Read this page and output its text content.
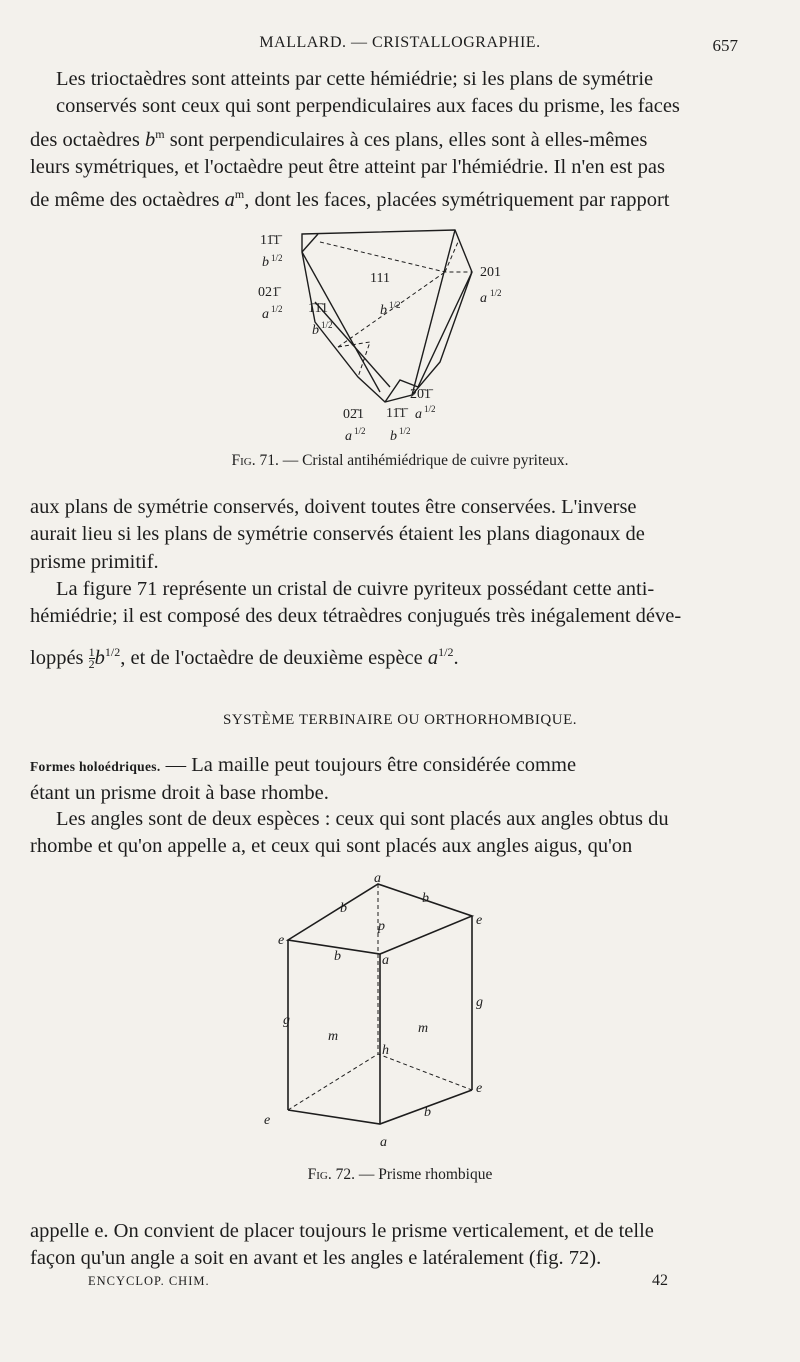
MALLARD. — CRISTALLOGRAPHIE.	657
Les trioctaèdres sont atteints par cette hémiédrie; si les plans de symétrie
conservés sont ceux qui sont perpendiculaires aux faces du prisme, les faces
des octaèdres $b^m$ sont perpendiculaires à ces plans, elles sont à elles-mêmes
leurs symétriques, et l'octaèdre peut être atteint par l'hémiédrie. Il n'en est pas
de même des octaèdres $a^m$, dont les faces, placées symétriquement par rapport
11̄1̄
b 1/2
111
b 1/2
201
a 1/2
021̄
a 1/2 1̄1̄1
b 1/2
20̄1̄
02̄1 11̄1̄ a 1/2
a 1/2 b 1/2
Fig. 71. — Cristal antihémiédrique de cuivre pyriteux.
aux plans de symétrie conservés, doivent toutes être conservées. L'inverse
aurait lieu si les plans de symétrie conservés étaient les plans diagonaux de
prisme primitif.
La figure 71 représente un cristal de cuivre pyriteux possédant cette anti-
hémiédrie; il est composé des deux tétraèdres conjugués très inégalement déve-
loppés $\frac{1}{2} b^{1/2}$, et de l'octaèdre de deuxième espèce $a^{1/2}$.
SYSTÈME TERBINAIRE OU ORTHORHOMBIQUE.
Formes holoédriques. — La maille peut toujours être considérée comme
étant un prisme droit à base rhombe.
Les angles sont de deux espèces : ceux qui sont placés aux angles obtus du
rhombe et qu'on appelle a, et ceux qui sont placés aux angles aigus, qu'on
a
b
b
e
e
p
b	a
g
g
m
m
h
e
e
b
a
Fig. 72. — Prisme rhombique
appelle e. On convient de placer toujours le prisme verticalement, et de telle
façon qu'un angle a soit en avant et les angles e latéralement (fig. 72).
ENCYCLOP. CHIM.	42
